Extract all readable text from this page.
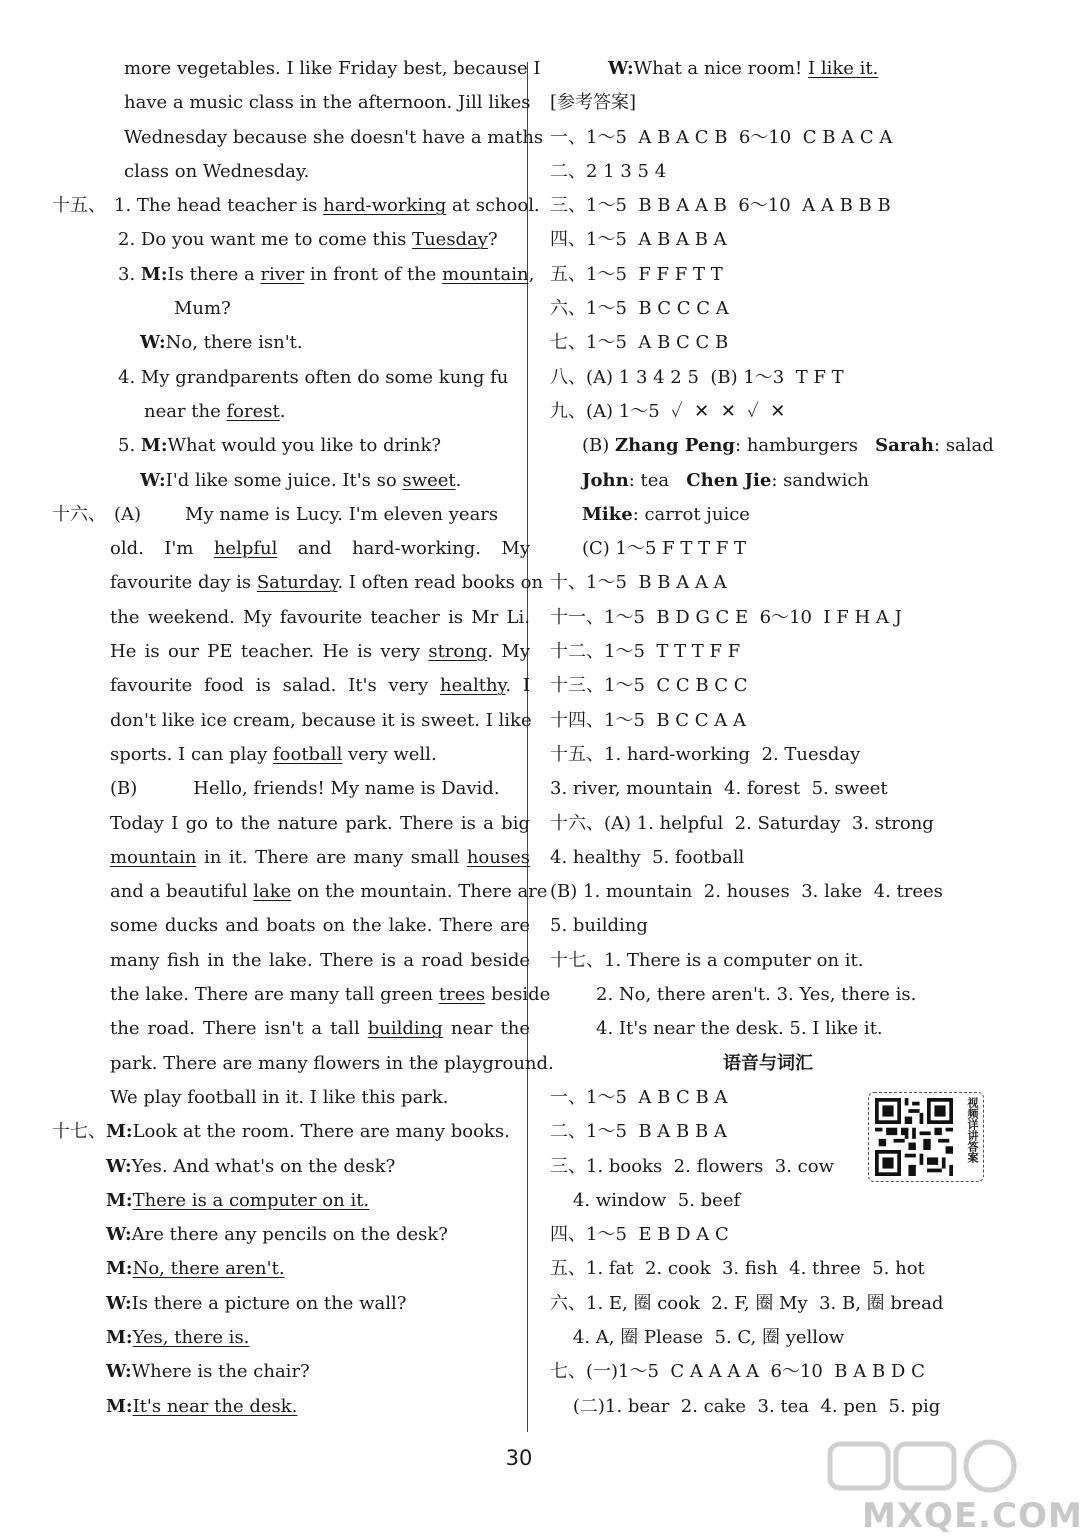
more vegetables. I like Friday best, because I
have a music class in the afternoon. Jill likes
Wednesday because she doesn't have a maths
class on Wednesday.
十五、 1. The head teacher is hard-working at school.
2. Do you want me to come this Tuesday?
3. M:Is there a river in front of the mountain,
Mum?
W:No, there isn't.
4. My grandparents often do some kung fu
near the forest.
5. M:What would you like to drink?
W:I'd like some juice. It's so sweet.
十六、 (A) My name is Lucy. I'm eleven years
old. I'm helpful and hard-working. My
favourite day is Saturday. I often read books on
the weekend. My favourite teacher is Mr Li.
He is our PE teacher. He is very strong. My
favourite food is salad. It's very healthy. I
don't like ice cream, because it is sweet. I like
sports. I can play football very well.
(B)	Hello, friends! My name is David.
Today I go to the nature park. There is a big
mountain in it. There are many small houses
and a beautiful lake on the mountain. There are
some ducks and boats on the lake. There are
many fish in the lake. There is a road beside
the lake. There are many tall green trees beside
the road. There isn't a tall building near the
park. There are many flowers in the playground.
We play football in it. I like this park.
十七、M:Look at the room. There are many books.
W:Yes. And what's on the desk?
M:There is a computer on it.
W:Are there any pencils on the desk?
M:No, there aren't.
W:Is there a picture on the wall?
M:Yes, there is.
W:Where is the chair?
M:It's near the desk.
W:What a nice room! I like it.
[参考答案]
一、1～5  A B A C B  6～10  C B A C A
二、2 1 3 5 4
三、1～5  B B A A B  6～10  A A B B B
四、1～5  A B A B A
五、1～5  F F F T T
六、1～5  B C C C A
七、1～5  A B C C B
八、(A) 1 3 4 2 5  (B) 1～3  T F T
九、(A) 1～5  ✓  ✕  ✕  ✓  ✕
(B) Zhang Peng: hamburgers Sarah: salad
John: tea Chen Jie: sandwich
Mike: carrot juice
(C) 1～5 F T T F T
十、1～5  B B A A A
十一、1～5  B D G C E  6～10  I F H A J
十二、1～5  T T T F F
十三、1～5  C C B C C
十四、1～5  B C C A A
十五、1. hard-working  2. Tuesday
3. river, mountain  4. forest  5. sweet
十六、(A) 1. helpful  2. Saturday  3. strong
4. healthy  5. football
(B) 1. mountain  2. houses  3. lake  4. trees
5. building
十七、1. There is a computer on it.
2. No, there aren't. 3. Yes, there is.
4. It's near the desk. 5. I like it.
语音与词汇
一、1～5  A B C B A
二、1～5  B A B B A
三、1. books  2. flowers  3. cow
4. window  5. beef
四、1～5  E B D A C
五、1. fat  2. cook  3. fish  4. three  5. hot
六、1. E, 圈 cook  2. F, 圈 My  3. B, 圈 bread
4. A, 圈 Please  5. C, 圈 yellow
七、(一)1～5  C A A A A  6～10  B A B D C
(二)1. bear  2. cake  3. tea  4. pen  5. pig
视频详讲答案
30
MXQE.COM
